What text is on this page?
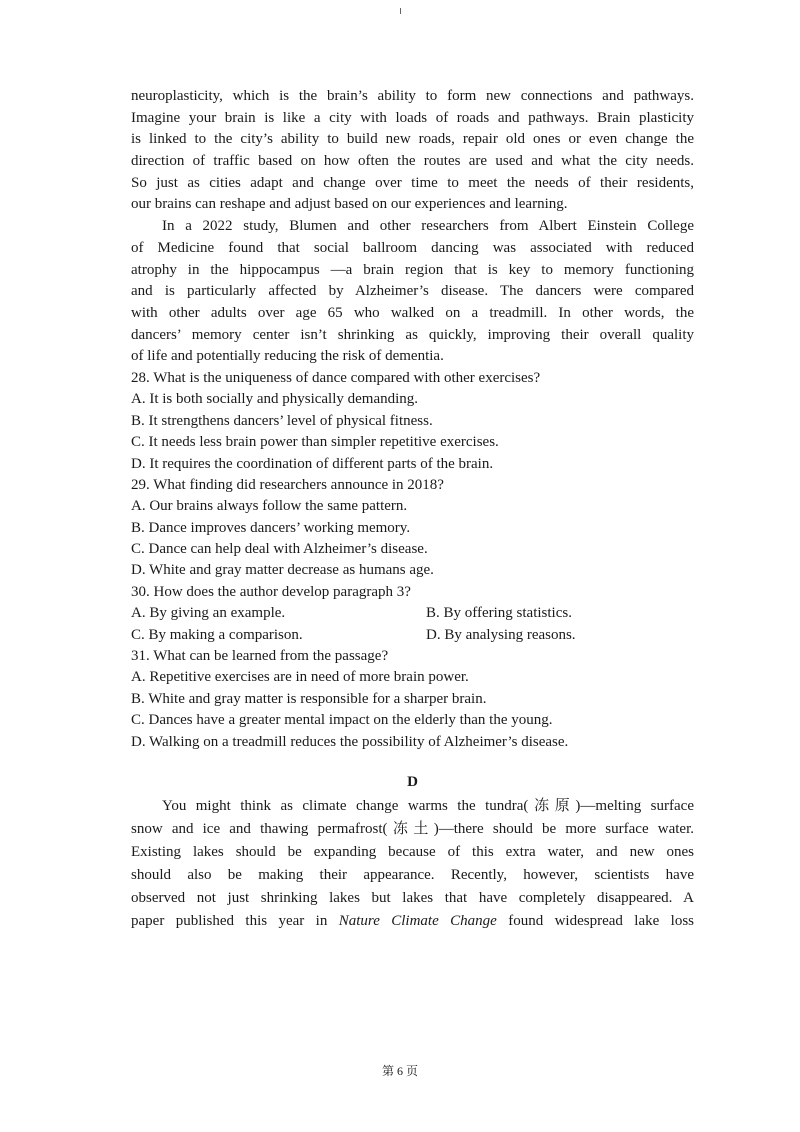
neuroplasticity, which is the brain’s ability to form new connections and pathways.
Imagine your brain is like a city with loads of roads and pathways. Brain plasticity
is linked to the city’s ability to build new roads, repair old ones or even change the
direction of traffic based on how often the routes are used and what the city needs.
So just as cities adapt and change over time to meet the needs of their residents,
our brains can reshape and adjust based on our experiences and learning.
In a 2022 study, Blumen and other researchers from Albert Einstein College
of Medicine found that social ballroom dancing was associated with reduced
atrophy in the hippocampus —a brain region that is key to memory functioning
and is particularly affected by Alzheimer’s disease. The dancers were compared
with other adults over age 65 who walked on a treadmill. In other words, the
dancers’ memory center isn’t shrinking as quickly, improving their overall quality
of life and potentially reducing the risk of dementia.
28. What is the uniqueness of dance compared with other exercises?
A. It is both socially and physically demanding.
B. It strengthens dancers’ level of physical fitness.
C. It needs less brain power than simpler repetitive exercises.
D. It requires the coordination of different parts of the brain.
29. What finding did researchers announce in 2018?
A. Our brains always follow the same pattern.
B. Dance improves dancers’ working memory.
C. Dance can help deal with Alzheimer’s disease.
D. White and gray matter decrease as humans age.
30. How does the author develop paragraph 3?
A. By giving an example.	B. By offering statistics.
C. By making a comparison.	D. By analysing reasons.
31. What can be learned from the passage?
A. Repetitive exercises are in need of more brain power.
B. White and gray matter is responsible for a sharper brain.
C. Dances have a greater mental impact on the elderly than the young.
D. Walking on a treadmill reduces the possibility of Alzheimer’s disease.
D
You might think as climate change warms the tundra(冻原)—melting surface
snow and ice and thawing permafrost(冻土)—there should be more surface water.
Existing lakes should be expanding because of this extra water, and new ones
should also be making their appearance. Recently, however, scientists have
observed not just shrinking lakes but lakes that have completely disappeared. A
paper published this year in Nature Climate Change found widespread lake loss
第 6 页
